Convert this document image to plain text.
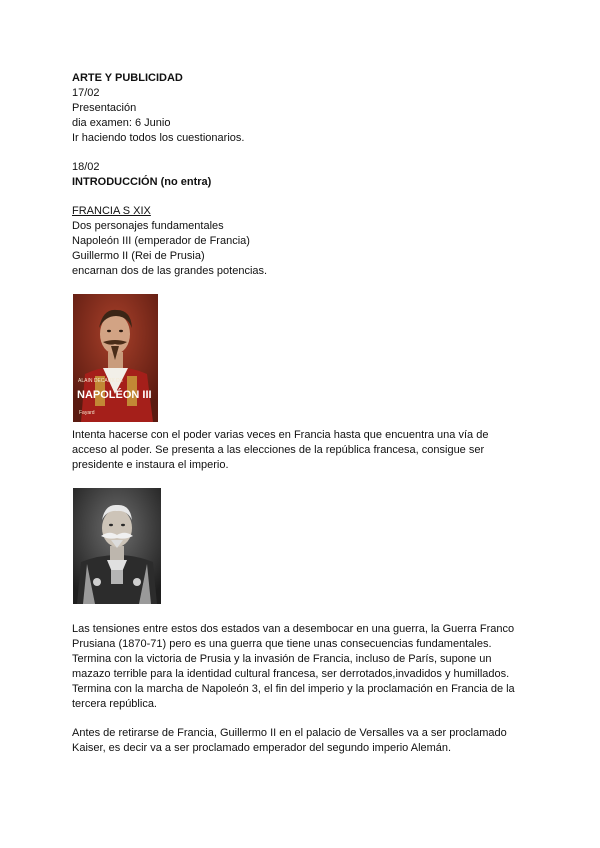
ARTE Y PUBLICIDAD
17/02
Presentación
dia examen: 6 Junio
Ir haciendo todos los cuestionarios.
18/02
INTRODUCCIÓN (no entra)
FRANCIA S XIX
Dos personajes fundamentales
Napoleón III (emperador de Francia)
Guillermo II (Rei de Prusia)
encarnan dos de las grandes potencias.
ALAIN DECAUX DE
NAPOLÉON III
Fayard
Intenta hacerse con el poder varias veces en Francia hasta que encuentra una vía de acceso al poder. Se presenta a las elecciones de la república francesa, consigue ser presidente e instaura el imperio.
Las tensiones entre estos dos estados van a desembocar en una guerra, la Guerra Franco Prusiana (1870-71) pero es una guerra que tiene unas consecuencias fundamentales. Termina con la victoria de Prusia y la invasión de Francia, incluso de París, supone un mazazo terrible para la identidad cultural francesa, ser derrotados,invadidos y humillados. Termina con la marcha de Napoleón 3, el fin del imperio y la proclamación en Francia de la tercera república.
Antes de retirarse de Francia, Guillermo II en el palacio de Versalles va a ser proclamado Kaiser, es decir va a ser proclamado emperador del segundo imperio Alemán.
